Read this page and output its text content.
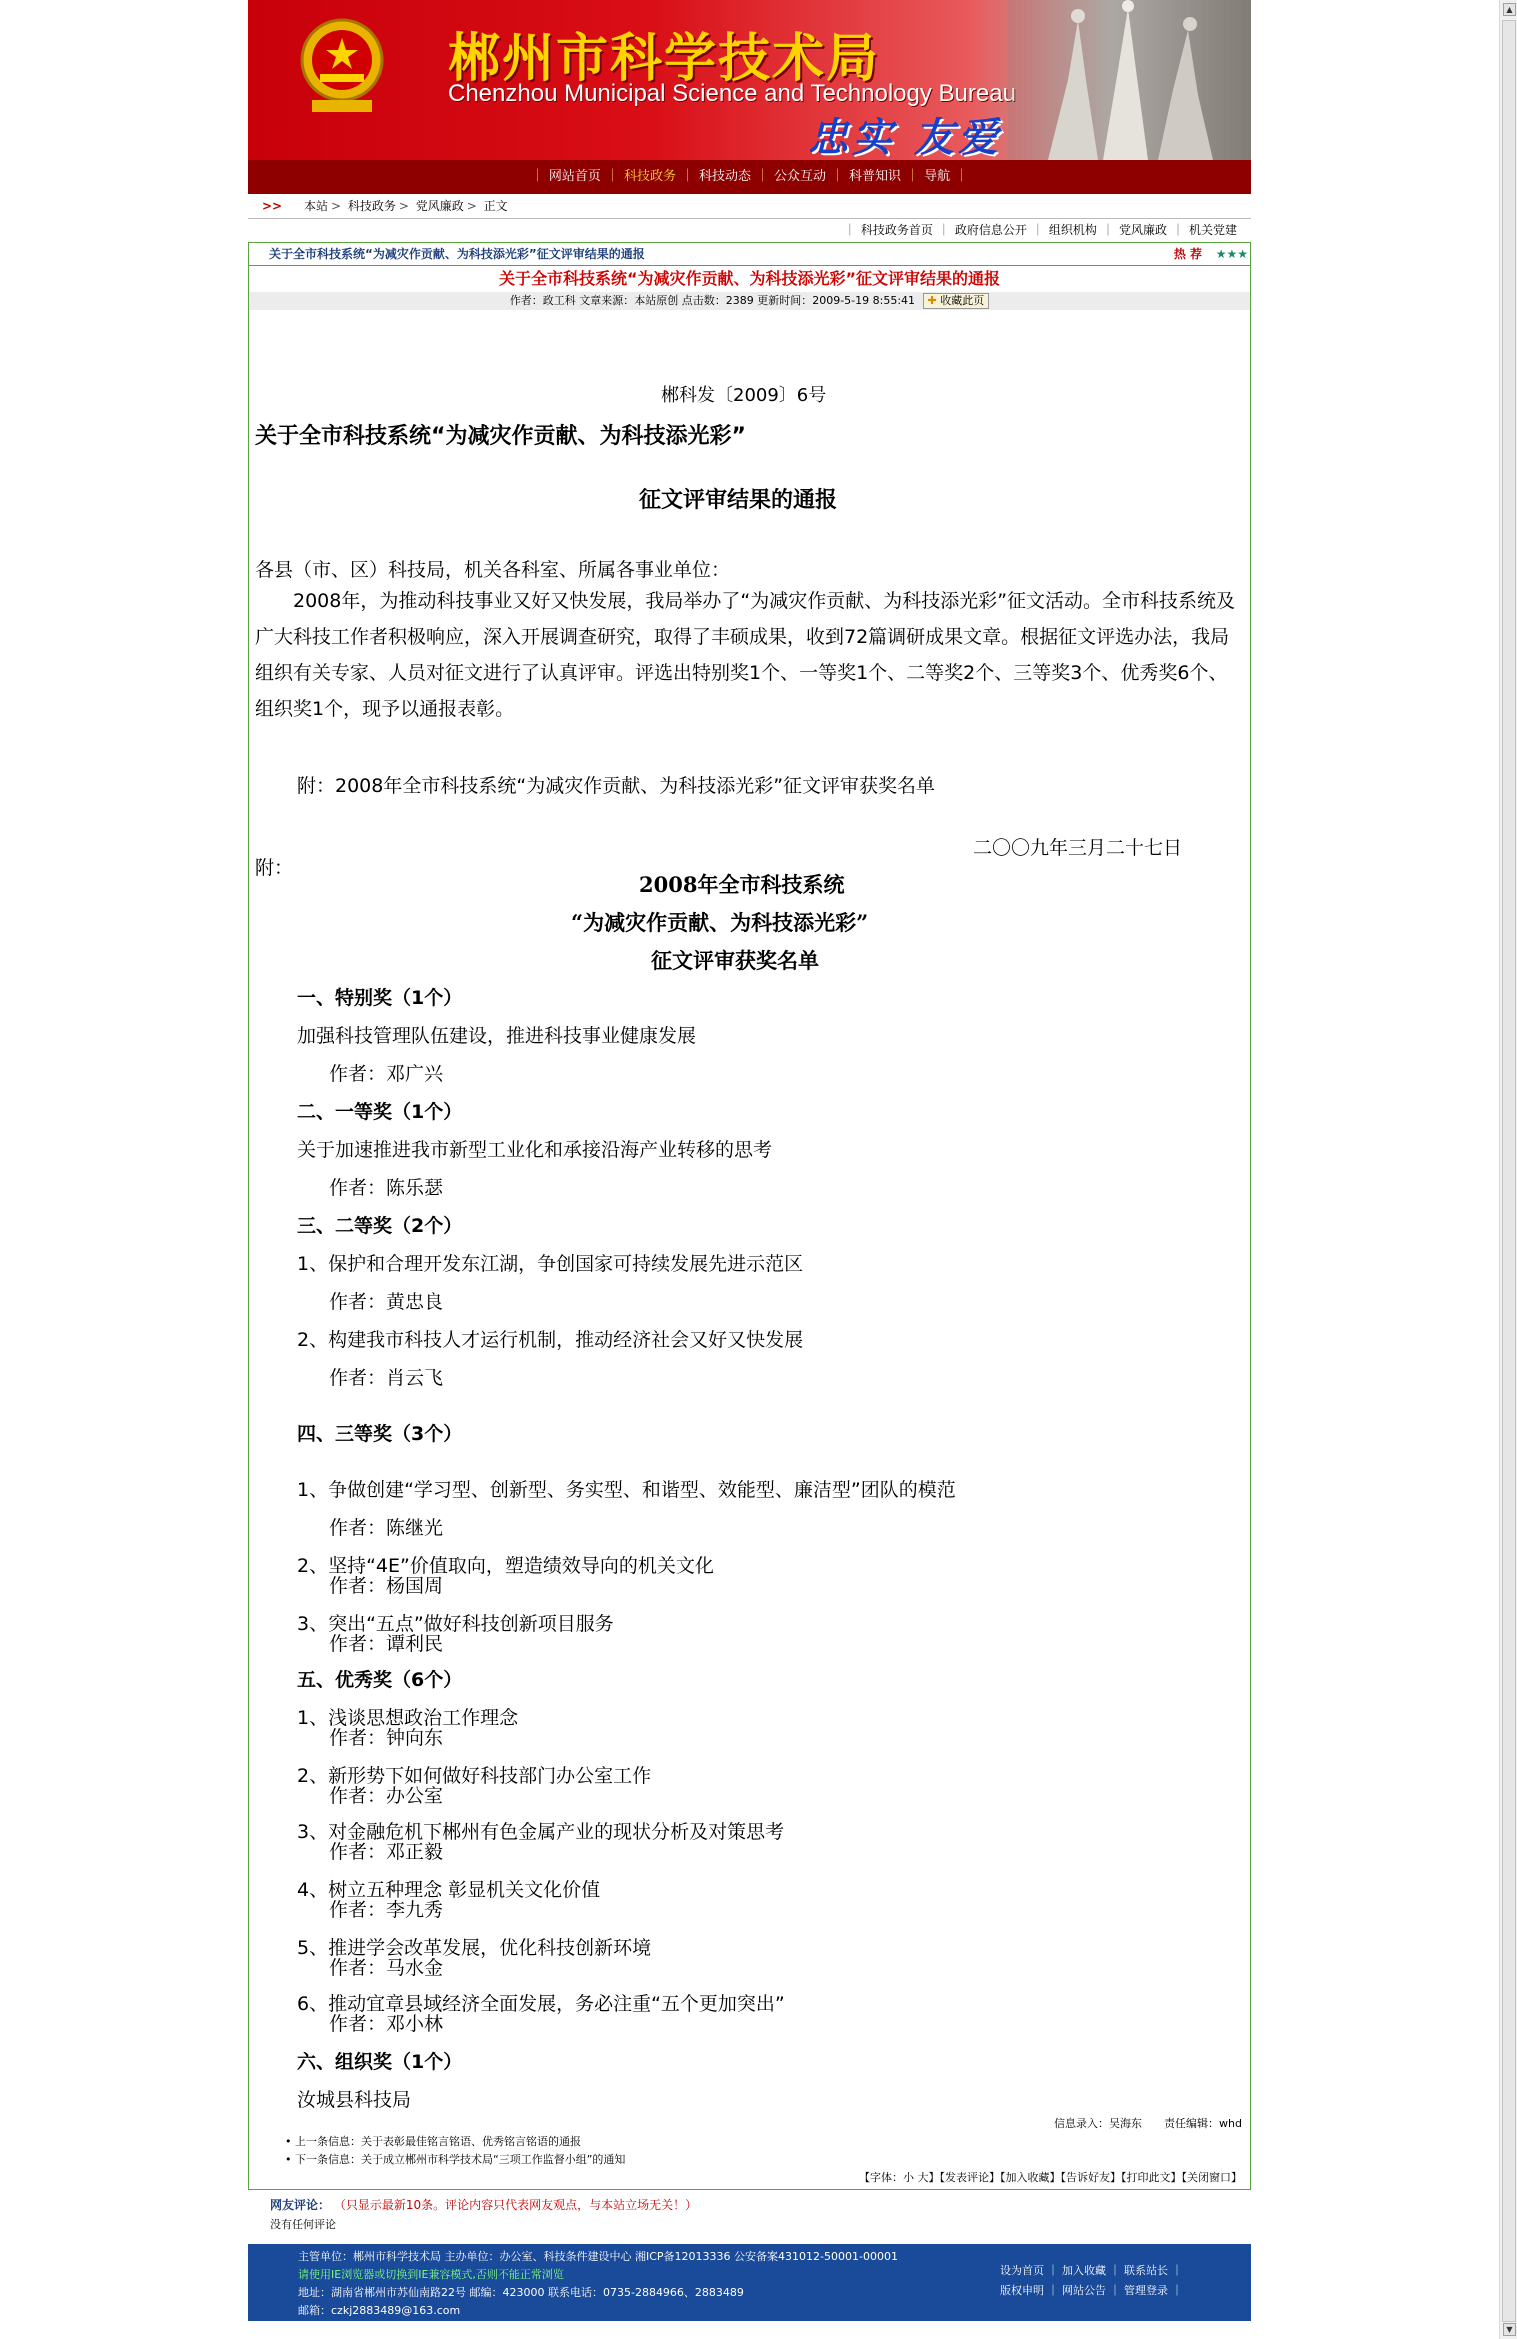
郴州市科学技术局
Chenzhou Municipal Science and Technology Bureau
忠实 友爱
｜ 网站首页 ｜ 科技政务 ｜ 科技动态 ｜ 公众互动 ｜ 科普知识 ｜ 导航 ｜
>> 本站 > 科技政务 > 党风廉政 > 正文
｜ 科技政务首页 ｜ 政府信息公开 ｜ 组织机构 ｜ 党风廉政 ｜ 机关党建
关于全市科技系统“为减灾作贡献、为科技添光彩”征文评审结果的通报	热 荐 ★★★
关于全市科技系统“为减灾作贡献、为科技添光彩”征文评审结果的通报
作者：政工科 文章来源：本站原创 点击数：2389 更新时间：2009-5-19 8:55:41 ✚ 收藏此页
郴科发〔2009〕6号
关于全市科技系统“为减灾作贡献、为科技添光彩”
征文评审结果的通报
各县（市、区）科技局，机关各科室、所属各事业单位：
　　2008年，为推动科技事业又好又快发展，我局举办了“为减灾作贡献、为科技添光彩”征文活动。全市科技系统及广大科技工作者积极响应，深入开展调查研究，取得了丰硕成果，收到72篇调研成果文章。根据征文评选办法，我局组织有关专家、人员对征文进行了认真评审。评选出特别奖1个、一等奖1个、二等奖2个、三等奖3个、优秀奖6个、组织奖1个，现予以通报表彰。
附：2008年全市科技系统“为减灾作贡献、为科技添光彩”征文评审获奖名单
二〇〇九年三月二十七日
附：
2008年全市科技系统
“为减灾作贡献、为科技添光彩”
征文评审获奖名单
一、特别奖（1个）
加强科技管理队伍建设，推进科技事业健康发展
作者：邓广兴
二、一等奖（1个）
关于加速推进我市新型工业化和承接沿海产业转移的思考
作者：陈乐瑟
三、二等奖（2个）
1、保护和合理开发东江湖，争创国家可持续发展先进示范区
作者：黄忠良
2、构建我市科技人才运行机制，推动经济社会又好又快发展
作者：肖云飞
四、三等奖（3个）
1、争做创建“学习型、创新型、务实型、和谐型、效能型、廉洁型”团队的模范
作者：陈继光
2、坚持“4E”价值取向，塑造绩效导向的机关文化
作者：杨国周
3、突出“五点”做好科技创新项目服务
作者：谭利民
五、优秀奖（6个）
1、浅谈思想政治工作理念
作者：钟向东
2、新形势下如何做好科技部门办公室工作
作者：办公室
3、对金融危机下郴州有色金属产业的现状分析及对策思考
作者：邓正毅
4、树立五种理念 彰显机关文化价值
作者：李九秀
5、推进学会改革发展，优化科技创新环境
作者：马水金
6、推动宜章县域经济全面发展，务必注重“五个更加突出”
作者：邓小林
六、组织奖（1个）
汝城县科技局
信息录入：吴海东　　责任编辑：whd
• 上一条信息：关于表彰最佳铭言铭语、优秀铭言铭语的通报
• 下一条信息：关于成立郴州市科学技术局“三项工作监督小组”的通知
【字体：小 大】【发表评论】【加入收藏】【告诉好友】【打印此文】【关闭窗口】
网友评论： （只显示最新10条。评论内容只代表网友观点，与本站立场无关！）
没有任何评论
主管单位：郴州市科学技术局 主办单位：办公室、科技条件建设中心 湘ICP备12013336 公安备案431012-50001-00001
请使用IE浏览器或切换到IE兼容模式,否则不能正常浏览
地址：湖南省郴州市苏仙南路22号 邮编：423000 联系电话：0735-2884966、2883489
邮箱：czkj2883489@163.com
设为首页 ｜ 加入收藏 ｜ 联系站长 ｜
版权申明 ｜ 网站公告 ｜ 管理登录 ｜
▲
▼
